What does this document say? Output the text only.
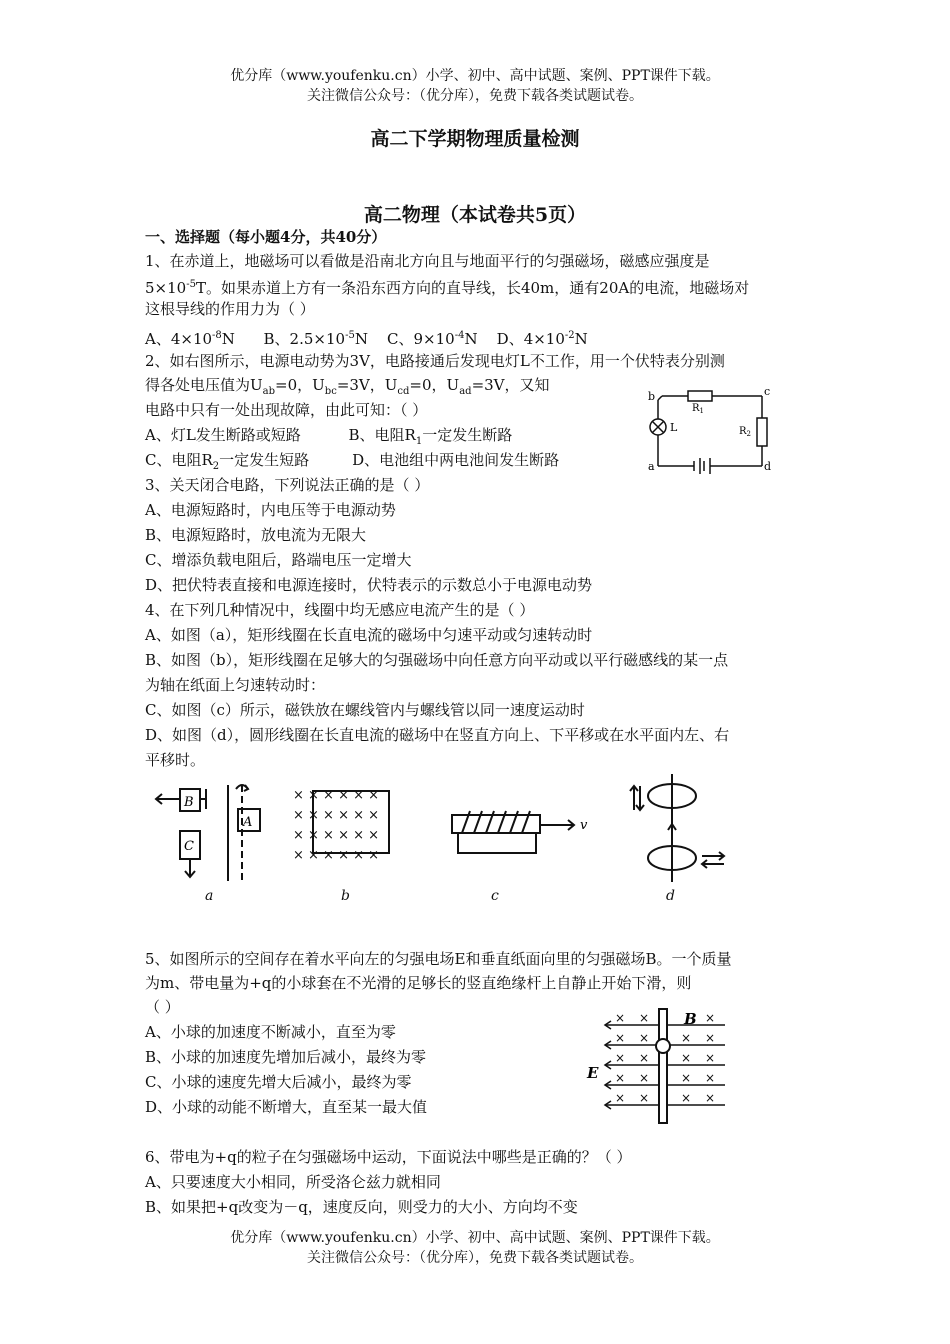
优分库（www.youfenku.cn）小学、初中、高中试题、案例、PPT课件下载。
关注微信公众号：（优分库），免费下载各类试题试卷。
高二下学期物理质量检测
高二物理（本试卷共5页）
一、选择题（每小题4分，共40分）
1、在赤道上，地磁场可以看做是沿南北方向且与地面平行的匀强磁场，磁感应强度是
$5\times 10^{-5}T$。如果赤道上方有一条沿东西方向的直导线，长40m，通有20A的电流，地磁场对
这根导线的作用力为（ ）
A、$4\times 10^{-8}N$ B、$2.5\times 10^{-5}N$ C、$9\times 10^{-4}N$ D、$4\times 10^{-2}N$
2、如右图所示，电源电动势为3V，电路接通后发现电灯L不工作，用一个伏特表分别测
得各处电压值为$U_{ab}=0$，$U_{bc}=3V$，$U_{cd}=0$，$U_{ad}=3V$，又知
电路中只有一处出现故障，由此可知：（ ）
A、灯L发生断路或短路	B、电阻$R_1$一定发生断路
C、电阻$R_2$一定发生短路	D、电池组中两电池间发生断路
b	c
a	d
L
$R_1$
$R_2$
3、关天闭合电路，下列说法正确的是（ ）
A、电源短路时，内电压等于电源动势
B、电源短路时，放电流为无限大
C、增添负载电阻后，路端电压一定增大
D、把伏特表直接和电源连接时，伏特表示的示数总小于电源电动势
4、在下列几种情况中，线圈中均无感应电流产生的是（ ）
A、如图（a），矩形线圈在长直电流的磁场中匀速平动或匀速转动时
B、如图（b），矩形线圈在足够大的匀强磁场中向任意方向平动或以平行磁感线的某一点
为轴在纸面上匀速转动时：
C、如图（c）所示，磁铁放在螺线管内与螺线管以同一速度运动时
D、如图（d），圆形线圈在长直电流的磁场中在竖直方向上、下平移或在水平面内左、右
平移时。
B
A
C
× × × × × ×
× × × × × ×
× × × × × ×
× × × × × ×
v
a	b	c	d
5、如图所示的空间存在着水平向左的匀强电场E和垂直纸面向里的匀强磁场B。一个质量
为m、带电量为+q的小球套在不光滑的足够长的竖直绝缘杆上自静止开始下滑，则
（ ）
A、小球的加速度不断减小，直至为零
B、小球的加速度先增加后减小，最终为零
C、小球的速度先增大后减小，最终为零
D、小球的动能不断增大，直至某一最大值
× ×	×
× ×	× ×
× ×	× ×
× ×	× ×
× ×	× ×
B
E
6、带电为+q的粒子在匀强磁场中运动，下面说法中哪些是正确的？（ ）
A、只要速度大小相同，所受洛仑兹力就相同
B、如果把+q改变为－q，速度反向，则受力的大小、方向均不变
优分库（www.youfenku.cn）小学、初中、高中试题、案例、PPT课件下载。
关注微信公众号：（优分库），免费下载各类试题试卷。
